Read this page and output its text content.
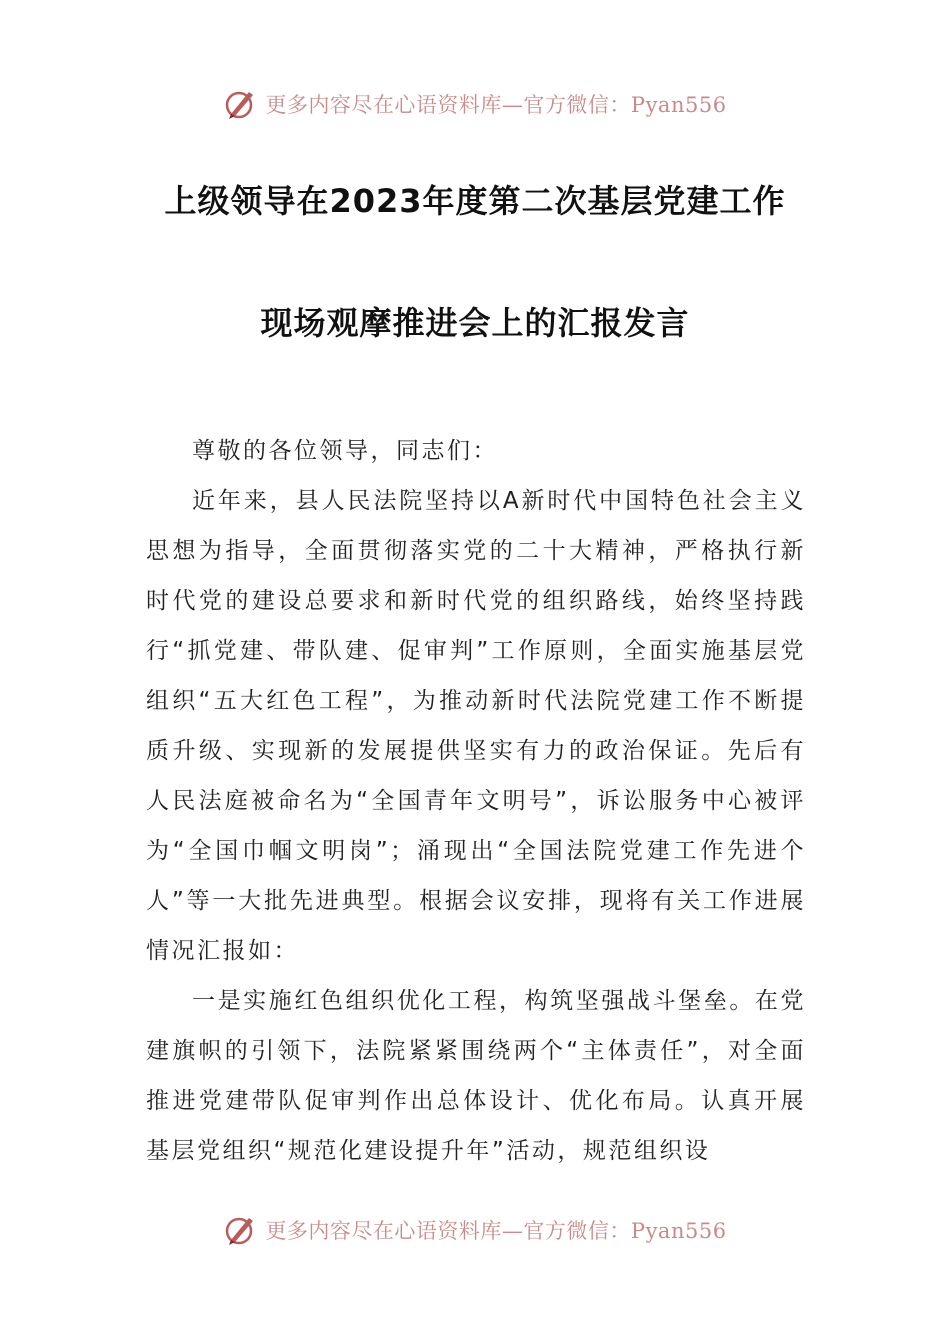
更多内容尽在心语资料库—官方微信：Pyan556
上级领导在2023年度第二次基层党建工作
现场观摩推进会上的汇报发言

尊敬的各位领导，同志们：

近年来，县人民法院坚持以A新时代中国特色社会主义思想为指导，全面贯彻落实党的二十大精神，严格执行新时代党的建设总要求和新时代党的组织路线，始终坚持践行“抓党建、带队建、促审判”工作原则，全面实施基层党组织“五大红色工程”，为推动新时代法院党建工作不断提质升级、实现新的发展提供坚实有力的政治保证。先后有人民法庭被命名为“全国青年文明号”，诉讼服务中心被评为“全国巾帼文明岗”；涌现出“全国法院党建工作先进个人”等一大批先进典型。根据会议安排，现将有关工作进展情况汇报如：

一是实施红色组织优化工程，构筑坚强战斗堡垒。在党建旗帜的引领下，法院紧紧围绕两个“主体责任”，对全面推进党建带队促审判作出总体设计、优化布局。认真开展基层党组织“规范化建设提升年”活动，规范组织设

更多内容尽在心语资料库—官方微信：Pyan556
